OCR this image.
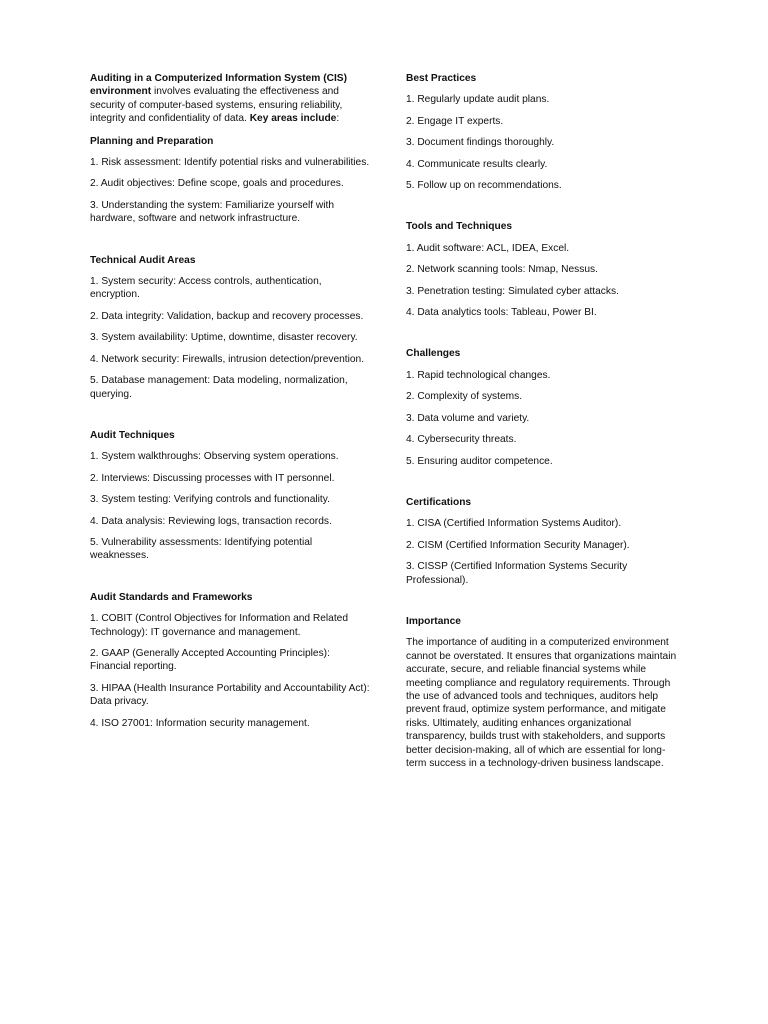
Auditing in a Computerized Information System (CIS) environment involves evaluating the effectiveness and security of computer-based systems, ensuring reliability, integrity and confidentiality of data. Key areas include:

Planning and Preparation
1. Risk assessment: Identify potential risks and vulnerabilities.
2. Audit objectives: Define scope, goals and procedures.
3. Understanding the system: Familiarize yourself with hardware, software and network infrastructure.
Technical Audit Areas
1. System security: Access controls, authentication, encryption.
2. Data integrity: Validation, backup and recovery processes.
3. System availability: Uptime, downtime, disaster recovery.
4. Network security: Firewalls, intrusion detection/prevention.
5. Database management: Data modeling, normalization, querying.
Audit Techniques
1. System walkthroughs: Observing system operations.
2. Interviews: Discussing processes with IT personnel.
3. System testing: Verifying controls and functionality.
4. Data analysis: Reviewing logs, transaction records.
5. Vulnerability assessments: Identifying potential weaknesses.
Audit Standards and Frameworks
1. COBIT (Control Objectives for Information and Related Technology): IT governance and management.
2. GAAP (Generally Accepted Accounting Principles): Financial reporting.
3. HIPAA (Health Insurance Portability and Accountability Act): Data privacy.
4. ISO 27001: Information security management.
Best Practices
1. Regularly update audit plans.
2. Engage IT experts.
3. Document findings thoroughly.
4. Communicate results clearly.
5. Follow up on recommendations.
Tools and Techniques
1. Audit software: ACL, IDEA, Excel.
2. Network scanning tools: Nmap, Nessus.
3. Penetration testing: Simulated cyber attacks.
4. Data analytics tools: Tableau, Power BI.
Challenges
1. Rapid technological changes.
2. Complexity of systems.
3. Data volume and variety.
4. Cybersecurity threats.
5. Ensuring auditor competence.
Certifications
1. CISA (Certified Information Systems Auditor).
2. CISM (Certified Information Security Manager).
3. CISSP (Certified Information Systems Security Professional).
Importance

The importance of auditing in a computerized environment cannot be overstated. It ensures that organizations maintain accurate, secure, and reliable financial systems while meeting compliance and regulatory requirements. Through the use of advanced tools and techniques, auditors help prevent fraud, optimize system performance, and mitigate risks. Ultimately, auditing enhances organizational transparency, builds trust with stakeholders, and supports better decision-making, all of which are essential for long-term success in a technology-driven business landscape.
